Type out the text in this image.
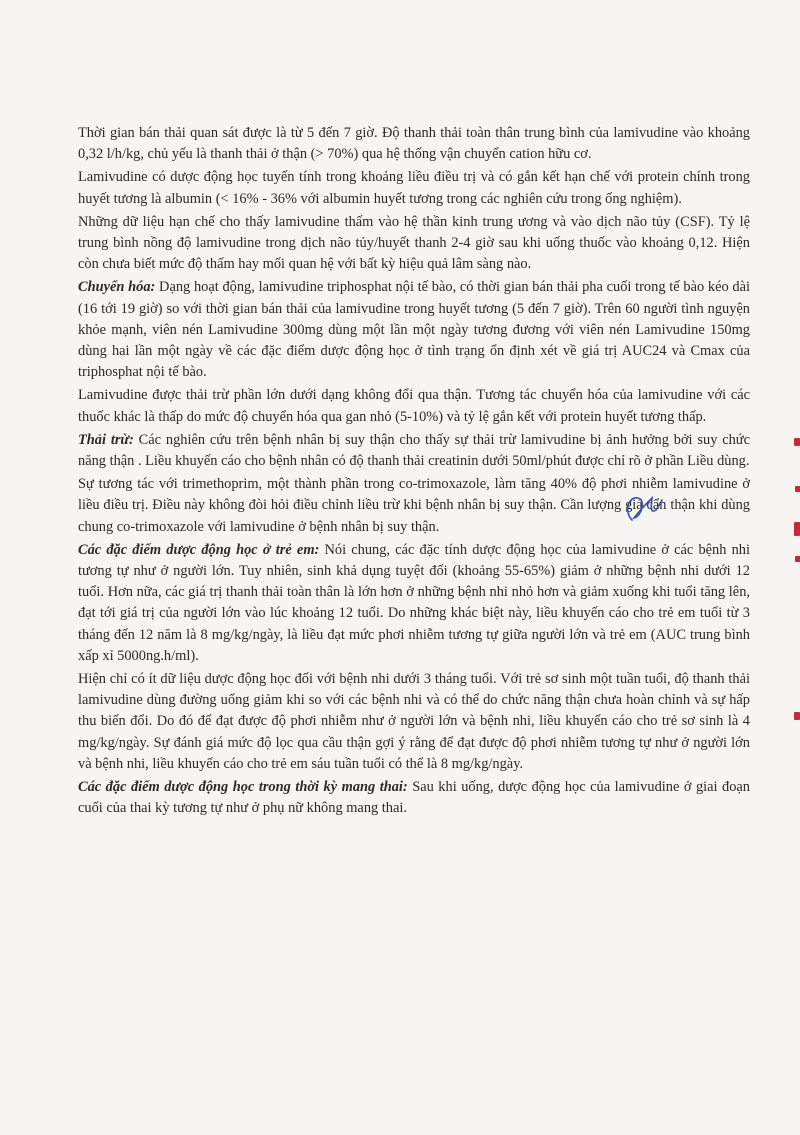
Thời gian bán thải quan sát được là từ 5 đến 7 giờ. Độ thanh thải toàn thân trung bình của lamivudine vào khoảng 0,32 l/h/kg, chủ yếu là thanh thải ở thận (> 70%) qua hệ thống vận chuyển cation hữu cơ.

Lamivudine có dược động học tuyến tính trong khoảng liều điều trị và có gắn kết hạn chế với protein chính trong huyết tương là albumin (< 16% - 36% với albumin huyết tương trong các nghiên cứu trong ống nghiệm).

Những dữ liệu hạn chế cho thấy lamivudine thấm vào hệ thần kinh trung ương và vào dịch não tủy (CSF). Tỷ lệ trung bình nồng độ lamivudine trong dịch não tủy/huyết thanh 2-4 giờ sau khi uống thuốc vào khoảng 0,12. Hiện còn chưa biết mức độ thấm hay mối quan hệ với bất kỳ hiệu quả lâm sàng nào.

Chuyển hóa: Dạng hoạt động, lamivudine triphosphat nội tế bào, có thời gian bán thải pha cuối trong tế bào kéo dài (16 tới 19 giờ) so với thời gian bán thải của lamivudine trong huyết tương (5 đến 7 giờ). Trên 60 người tình nguyện khỏe mạnh, viên nén Lamivudine 300mg dùng một lần một ngày tương đương với viên nén Lamivudine 150mg dùng hai lần một ngày về các đặc điểm dược động học ở tình trạng ổn định xét về giá trị AUC24 và Cmax của triphosphat nội tế bào.

Lamivudine được thải trừ phần lớn dưới dạng không đổi qua thận. Tương tác chuyển hóa của lamivudine với các thuốc khác là thấp do mức độ chuyển hóa qua gan nhỏ (5-10%) và tỷ lệ gắn kết với protein huyết tương thấp.

Thải trừ: Các nghiên cứu trên bệnh nhân bị suy thận cho thấy sự thải trừ lamivudine bị ảnh hưởng bởi suy chức năng thận . Liều khuyến cáo cho bệnh nhân có độ thanh thải creatinin dưới 50ml/phút được chỉ rõ ở phần Liều dùng.

Sự tương tác với trimethoprim, một thành phần trong co-trimoxazole, làm tăng 40% độ phơi nhiễm lamivudine ở liều điều trị. Điều này không đòi hỏi điều chỉnh liều trừ khi bệnh nhân bị suy thận. Cần lượng giá cẩn thận khi dùng chung co-trimoxazole với lamivudine ở bệnh nhân bị suy thận.

Các đặc điểm dược động học ở trẻ em: Nói chung, các đặc tính dược động học của lamivudine ở các bệnh nhi tương tự như ở người lớn. Tuy nhiên, sinh khả dụng tuyệt đối (khoảng 55-65%) giảm ở những bệnh nhi dưới 12 tuổi. Hơn nữa, các giá trị thanh thải toàn thân là lớn hơn ở những bệnh nhi nhỏ hơn và giảm xuống khi tuổi tăng lên, đạt tới giá trị của người lớn vào lúc khoảng 12 tuổi. Do những khác biệt này, liều khuyến cáo cho trẻ em tuổi từ 3 tháng đến 12 năm là 8 mg/kg/ngày, là liều đạt mức phơi nhiễm tương tự giữa người lớn và trẻ em (AUC trung bình xấp xỉ 5000ng.h/ml).

Hiện chỉ có ít dữ liệu dược động học đối với bệnh nhi dưới 3 tháng tuổi. Với trẻ sơ sinh một tuần tuổi, độ thanh thải lamivudine dùng đường uống giảm khi so với các bệnh nhi và có thể do chức năng thận chưa hoàn chỉnh và sự hấp thu biến đổi. Do đó để đạt được độ phơi nhiễm như ở người lớn và bệnh nhi, liều khuyến cáo cho trẻ sơ sinh là 4 mg/kg/ngày. Sự đánh giá mức độ lọc qua cầu thận gợi ý rằng để đạt được độ phơi nhiễm tương tự như ở người lớn và bệnh nhi, liều khuyến cáo cho trẻ em sáu tuần tuổi có thể là 8 mg/kg/ngày.

Các đặc điểm dược động học trong thời kỳ mang thai: Sau khi uống, dược động học của lamivudine ở giai đoạn cuối của thai kỳ tương tự như ở phụ nữ không mang thai.
